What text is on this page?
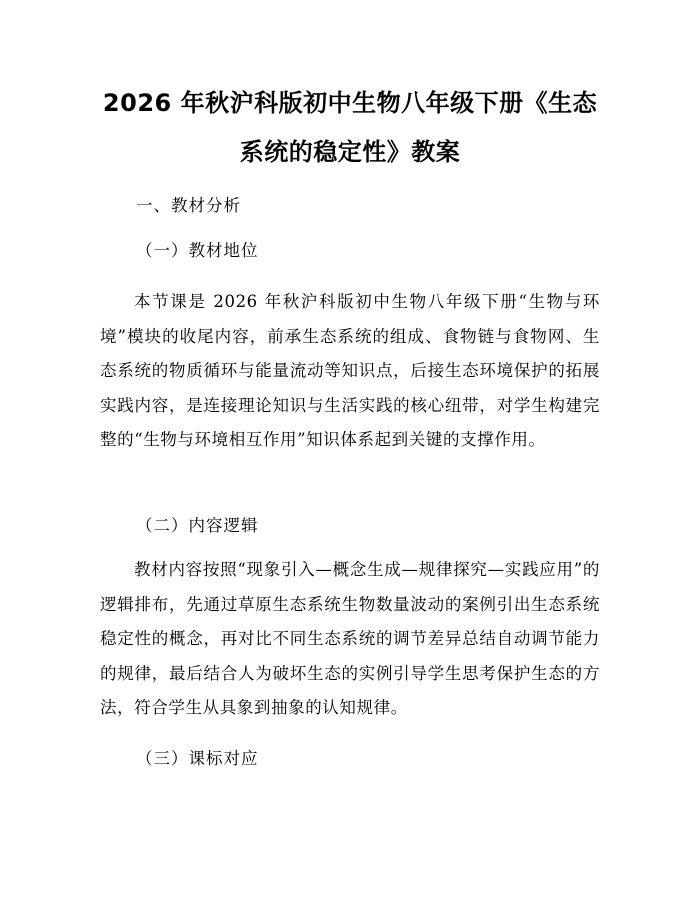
2026 年秋沪科版初中生物八年级下册《生态
系统的稳定性》教案
一、教材分析
（一）教材地位

本节课是 2026 年秋沪科版初中生物八年级下册“生物与环境”模块的收尾内容，前承生态系统的组成、食物链与食物网、生态系统的物质循环与能量流动等知识点，后接生态环境保护的拓展实践内容，是连接理论知识与生活实践的核心纽带，对学生构建完整的“生物与环境相互作用”知识体系起到关键的支撑作用。

（二）内容逻辑

教材内容按照“现象引入—概念生成—规律探究—实践应用”的逻辑排布，先通过草原生态系统生物数量波动的案例引出生态系统稳定性的概念，再对比不同生态系统的调节差异总结自动调节能力的规律，最后结合人为破坏生态的实例引导学生思考保护生态的方法，符合学生从具象到抽象的认知规律。

（三）课标对应
